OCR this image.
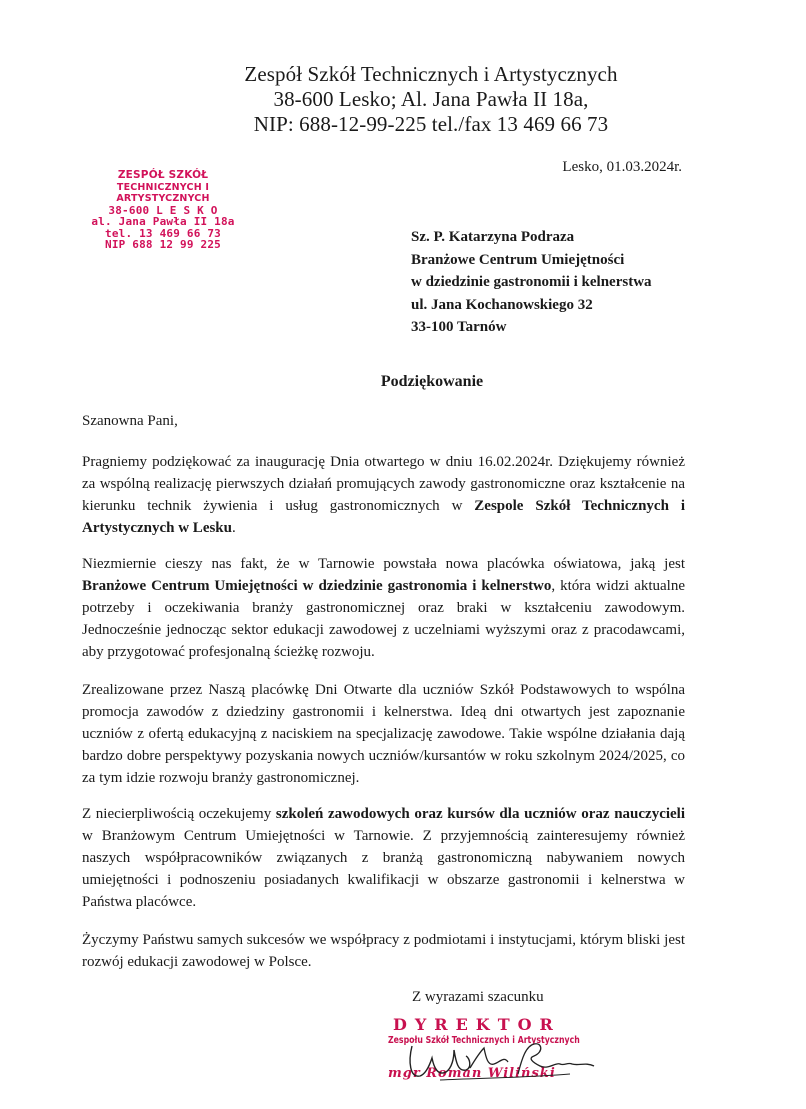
Zespół Szkół Technicznych i Artystycznych
38-600 Lesko; Al. Jana Pawła II 18a,
NIP: 688-12-99-225 tel./fax 13 469 66 73
Lesko, 01.03.2024r.
ZESPÓŁ SZKÓŁ
TECHNICZNYCH I ARTYSTYCZNYCH
38-600 L E S K O
al. Jana Pawła II 18a
tel. 13 469 66 73
NIP 688 12 99 225	Sz. P. Katarzyna Podraza
Branżowe Centrum Umiejętności
w dziedzinie gastronomii i kelnerstwa
ul. Jana Kochanowskiego 32
33-100 Tarnów
Podziękowanie
Szanowna Pani,

Pragniemy podziękować za inaugurację Dnia otwartego w dniu 16.02.2024r. Dziękujemy również za wspólną realizację pierwszych działań promujących zawody gastronomiczne oraz kształcenie na kierunku technik żywienia i usług gastronomicznych w Zespole Szkół Technicznych i Artystycznych w Lesku.

Niezmiernie cieszy nas fakt, że w Tarnowie powstała nowa placówka oświatowa, jaką jest Branżowe Centrum Umiejętności w dziedzinie gastronomia i kelnerstwo, która widzi aktualne potrzeby i oczekiwania branży gastronomicznej oraz braki w kształceniu zawodowym. Jednocześnie jednocząc sektor edukacji zawodowej z uczelniami wyższymi oraz z pracodawcami, aby przygotować profesjonalną ścieżkę rozwoju.

Zrealizowane przez Naszą placówkę Dni Otwarte dla uczniów Szkół Podstawowych to wspólna promocja zawodów z dziedziny gastronomii i kelnerstwa. Ideą dni otwartych jest zapoznanie uczniów z ofertą edukacyjną z naciskiem na specjalizację zawodowe. Takie wspólne działania dają bardzo dobre perspektywy pozyskania nowych uczniów/kursantów w roku szkolnym 2024/2025, co za tym idzie rozwoju branży gastronomicznej.

Z niecierpliwością oczekujemy szkoleń zawodowych oraz kursów dla uczniów oraz nauczycieli w Branżowym Centrum Umiejętności w Tarnowie. Z przyjemnością zainteresujemy również naszych współpracowników związanych z branżą gastronomiczną nabywaniem nowych umiejętności i podnoszeniu posiadanych kwalifikacji w obszarze gastronomii i kelnerstwa w Państwa placówce.

Życzymy Państwu samych sukcesów we współpracy z podmiotami i instytucjami, którym bliski jest rozwój edukacji zawodowej w Polsce.

Z wyrazami szacunku
DYREKTOR
Zespołu Szkół Technicznych i Artystycznych
mgr Roman Wiliński
